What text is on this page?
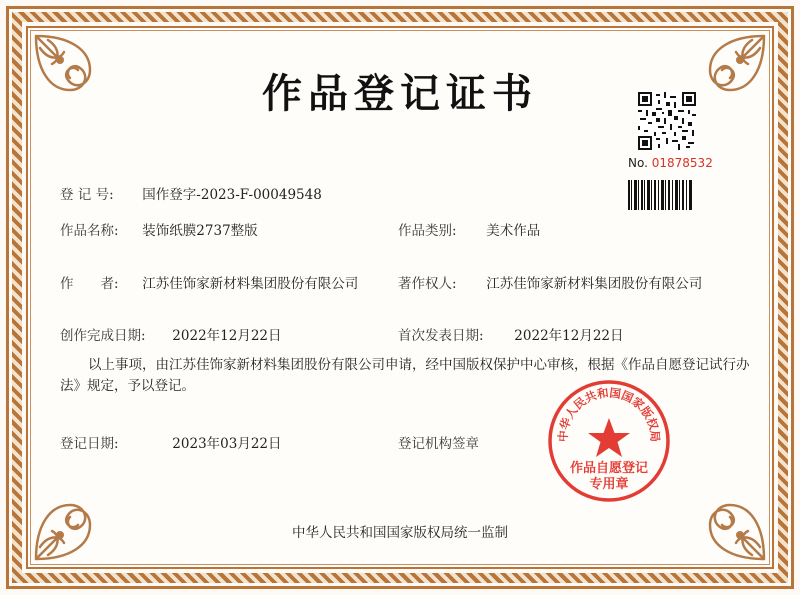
作品登记证书
No. 01878532
登 记 号: 国作登字-2023-F-00049548
作品名称: 装饰纸膜2737整版	作品类别: 美术作品
作　　者: 江苏佳饰家新材料集团股份有限公司	著作权人: 江苏佳饰家新材料集团股份有限公司
创作完成日期: 2022年12月22日	首次发表日期: 2022年12月22日
以上事项，由江苏佳饰家新材料集团股份有限公司申请，经中国版权保护中心审核，根据《作品自愿登记试行办法》规定，予以登记。
登记日期:	2023年03月22日	登记机构签章	中华人民共和国国家版权局
作品自愿登记
专用章
中华人民共和国国家版权局统一监制
